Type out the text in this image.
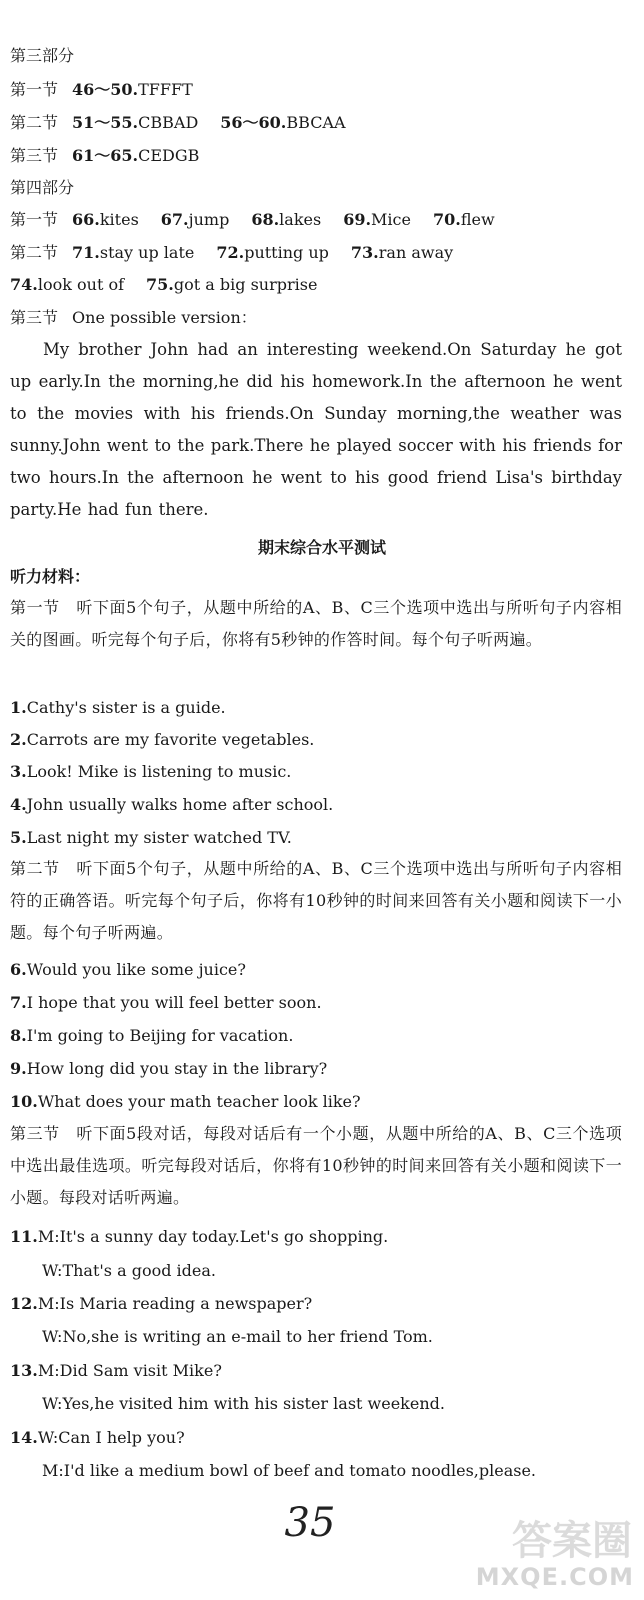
第三部分
第一节 46～50.TFFFT
第二节 51～55.CBBAD 56～60.BBCAA
第三节 61～65.CEDGB
第四部分
第一节 66.kites 67.jump 68.lakes 69.Mice 70.flew
第二节 71.stay up late 72.putting up 73.ran away
74.look out of 75.got a big surprise
第三节 One possible version：
My brother John had an interesting weekend.On Saturday he got up early.In the morning,he did his homework.In the afternoon he went to the movies with his friends.On Sunday morning,the weather was sunny.John went to the park.There he played soccer with his friends for two hours.In the afternoon he went to his good friend Lisa's birthday party.He had fun there.
期末综合水平测试
听力材料：
第一节　听下面5个句子，从题中所给的A、B、C三个选项中选出与所听句子内容相关的图画。听完每个句子后，你将有5秒钟的作答时间。每个句子听两遍。
1.Cathy's sister is a guide.
2.Carrots are my favorite vegetables.
3.Look! Mike is listening to music.
4.John usually walks home after school.
5.Last night my sister watched TV.
第二节　听下面5个句子，从题中所给的A、B、C三个选项中选出与所听句子内容相符的正确答语。听完每个句子后，你将有10秒钟的时间来回答有关小题和阅读下一小题。每个句子听两遍。
6.Would you like some juice?
7.I hope that you will feel better soon.
8.I'm going to Beijing for vacation.
9.How long did you stay in the library?
10.What does your math teacher look like?
第三节　听下面5段对话，每段对话后有一个小题，从题中所给的A、B、C三个选项中选出最佳选项。听完每段对话后，你将有10秒钟的时间来回答有关小题和阅读下一小题。每段对话听两遍。
11.M:It's a sunny day today.Let's go shopping.
W:That's a good idea.
12.M:Is Maria reading a newspaper?
W:No,she is writing an e-mail to her friend Tom.
13.M:Did Sam visit Mike?
W:Yes,he visited him with his sister last weekend.
14.W:Can I help you?
M:I'd like a medium bowl of beef and tomato noodles,please.
35	答案圈
MXQE.COM
